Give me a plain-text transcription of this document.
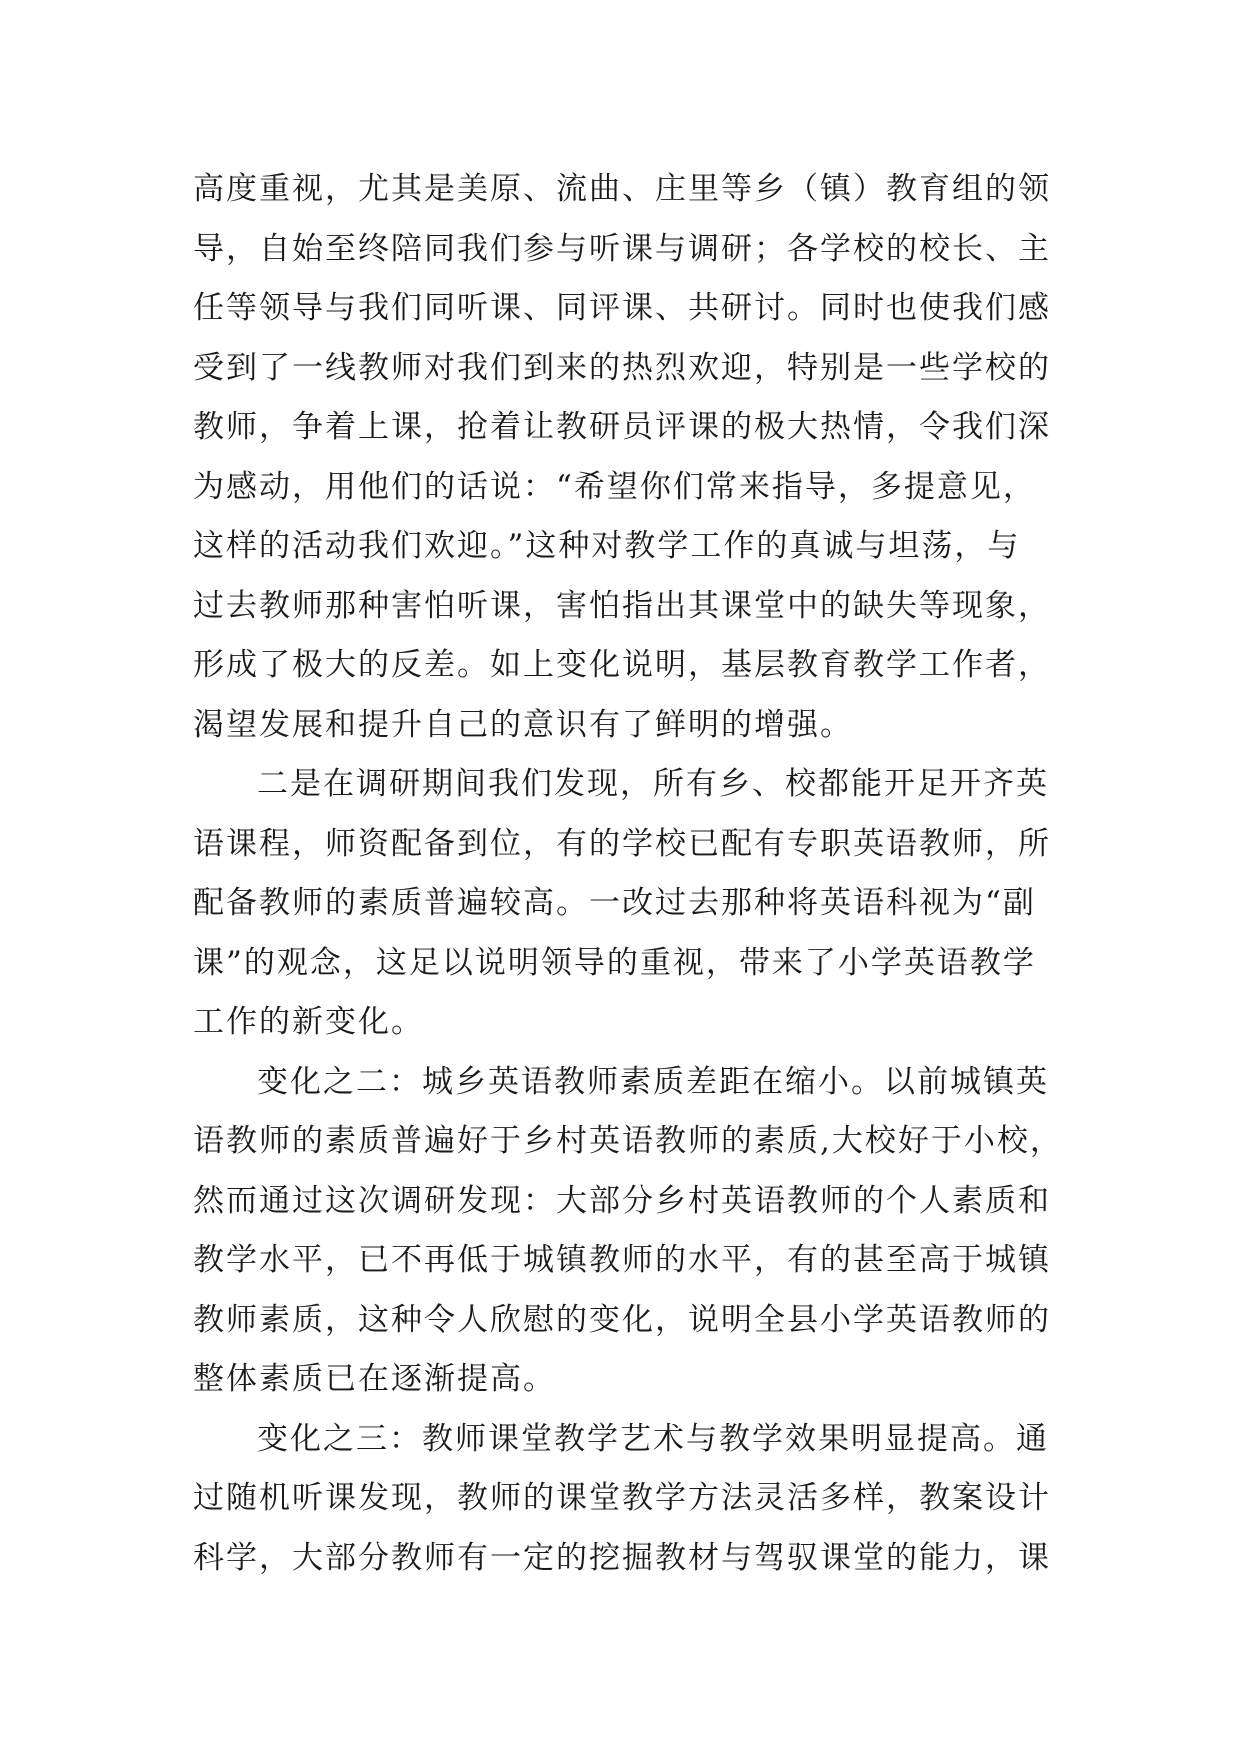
高度重视，尤其是美原、流曲、庄里等乡（镇）教育组的领
导，自始至终陪同我们参与听课与调研；各学校的校长、主
任等领导与我们同听课、同评课、共研讨。同时也使我们感
受到了一线教师对我们到来的热烈欢迎，特别是一些学校的
教师，争着上课，抢着让教研员评课的极大热情，令我们深
为感动，用他们的话说：“希望你们常来指导，多提意见，
这样的活动我们欢迎。”这种对教学工作的真诚与坦荡，与
过去教师那种害怕听课，害怕指出其课堂中的缺失等现象，
形成了极大的反差。如上变化说明，基层教育教学工作者，
渴望发展和提升自己的意识有了鲜明的增强。
二是在调研期间我们发现，所有乡、校都能开足开齐英
语课程，师资配备到位，有的学校已配有专职英语教师，所
配备教师的素质普遍较高。一改过去那种将英语科视为“副
课”的观念，这足以说明领导的重视，带来了小学英语教学
工作的新变化。
变化之二：城乡英语教师素质差距在缩小。以前城镇英
语教师的素质普遍好于乡村英语教师的素质,大校好于小校，
然而通过这次调研发现：大部分乡村英语教师的个人素质和
教学水平，已不再低于城镇教师的水平，有的甚至高于城镇
教师素质，这种令人欣慰的变化，说明全县小学英语教师的
整体素质已在逐渐提高。
变化之三：教师课堂教学艺术与教学效果明显提高。通
过随机听课发现，教师的课堂教学方法灵活多样，教案设计
科学，大部分教师有一定的挖掘教材与驾驭课堂的能力，课
